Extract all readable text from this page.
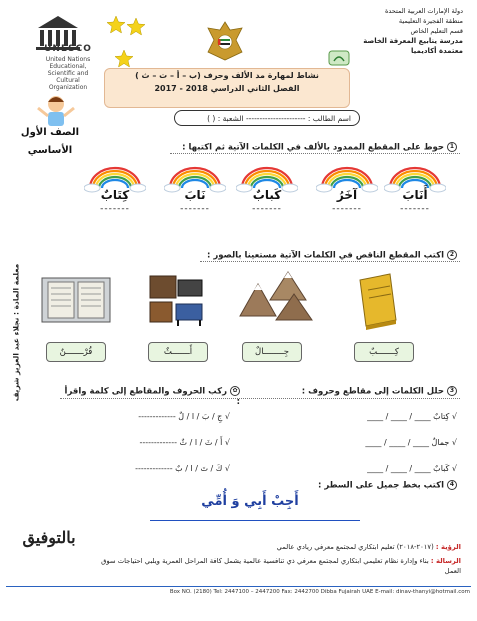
UNESCO
United Nations
Educational, Scientific and
Cultural Organization
دولة الإمارات العربية المتحدة
منطقة الفجيرة التعليمية
قسم التعليم الخاص
مدرسة ينابيع المعرفة الخاصة
معتمدة أكاديميا
نشاط لمهارة مد الألف وحرف (ب – أ – ت – ث )
الفصل الثاني الدراسي 2018 - 2017
اسم الطالب : ---------------------- الشعبة : ( )
الصف الأول الأساسي	1حوط على المقطع الممدود بالألف في الكلمات الآتية ثم اكتبها :
أَنَابَ
-------
آخَرُ
-------
كَبابٌ
-------
نَابَ
-------
كِتَابٌ
-------
2اكتب المقطع الناقص في الكلمات الآتية مستعينا بالصور :
كِـــــــبٌ
جِــــــــالٌ
أَـــــــثٌ
قُرْـــــــنٌ
معلمة المادة : نجلاء عبد العزيز شريف	3حلل الكلمات إلى مقاطع وحروف :
✿ركب الحروف والمقاطع إلى كلمة واقرأ :
√ كِتابٌ ____ / ____ / ____
√ جمالٌ ____ / ____ / ____
√ كَبابٌ ____ / ____ / ____
√ جِ / بَ / ا / لٌ -------------
√ أَ / ثَ / ا / ثٌ -------------
√ كَ / تَ / ا / بٌ -------------
4اكتب بخط جميل على السطر :
أَجِبْ أَبِي وَ أُمِّي
بالتوفيق	الرؤية : (٢٠١٧-٢٠١٨) تعليم ابتكاري لمجتمع معرفي ريادي عالمي
الرسالة : بناء وإدارة نظام تعليمي ابتكاري لمجتمع معرفي ذي تنافسية عالمية يشمل كافة المراحل العمرية ويلبي احتياجات سوق العمل
Box NO. (2180) Tel: 2447100 – 2447200 Fax: 2442700 Dibba Fujairah UAE E-mail: dinav-thanyi@hotmail.com
